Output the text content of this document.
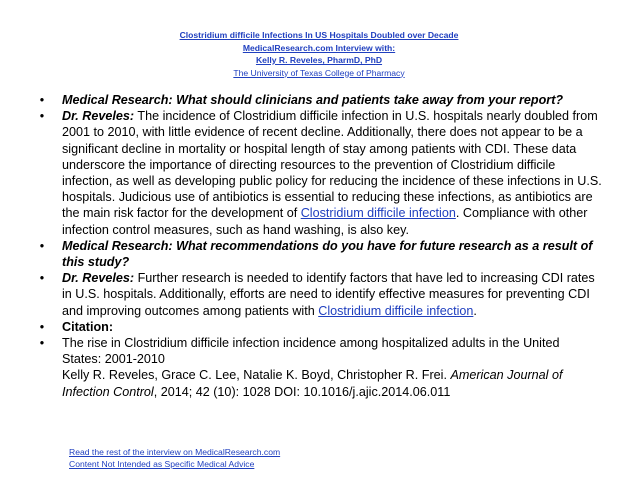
Clostridium difficile Infections In US Hospitals Doubled over Decade
MedicalResearch.com Interview with:
Kelly R. Reveles, PharmD, PhD
The University of Texas College of Pharmacy
•	Medical Research: What should clinicians and patients take away from your report?
•	Dr. Reveles: The incidence of Clostridium difficile infection in U.S. hospitals nearly doubled from 2001 to 2010, with little evidence of recent decline. Additionally, there does not appear to be a significant decline in mortality or hospital length of stay among patients with CDI. These data underscore the importance of directing resources to the prevention of Clostridium difficile infection, as well as developing public policy for reducing the incidence of these infections in U.S. hospitals. Judicious use of antibiotics is essential to reducing these infections, as antibiotics are the main risk factor for the development of Clostridium difficile infection. Compliance with other infection control measures, such as hand washing, is also key.
•	Medical Research: What recommendations do you have for future research as a result of this study?
•	Dr. Reveles: Further research is needed to identify factors that have led to increasing CDI rates in U.S. hospitals. Additionally, efforts are need to identify effective measures for preventing CDI and improving outcomes among patients with Clostridium difficile infection.
•	Citation:
•	The rise in Clostridium difficile infection incidence among hospitalized adults in the United States: 2001-2010
Kelly R. Reveles, Grace C. Lee, Natalie K. Boyd, Christopher R. Frei. American Journal of Infection Control, 2014; 42 (10): 1028 DOI: 10.1016/j.ajic.2014.06.011
Read the rest of the interview on MedicalResearch.com
Content Not Intended as Specific Medical Advice
